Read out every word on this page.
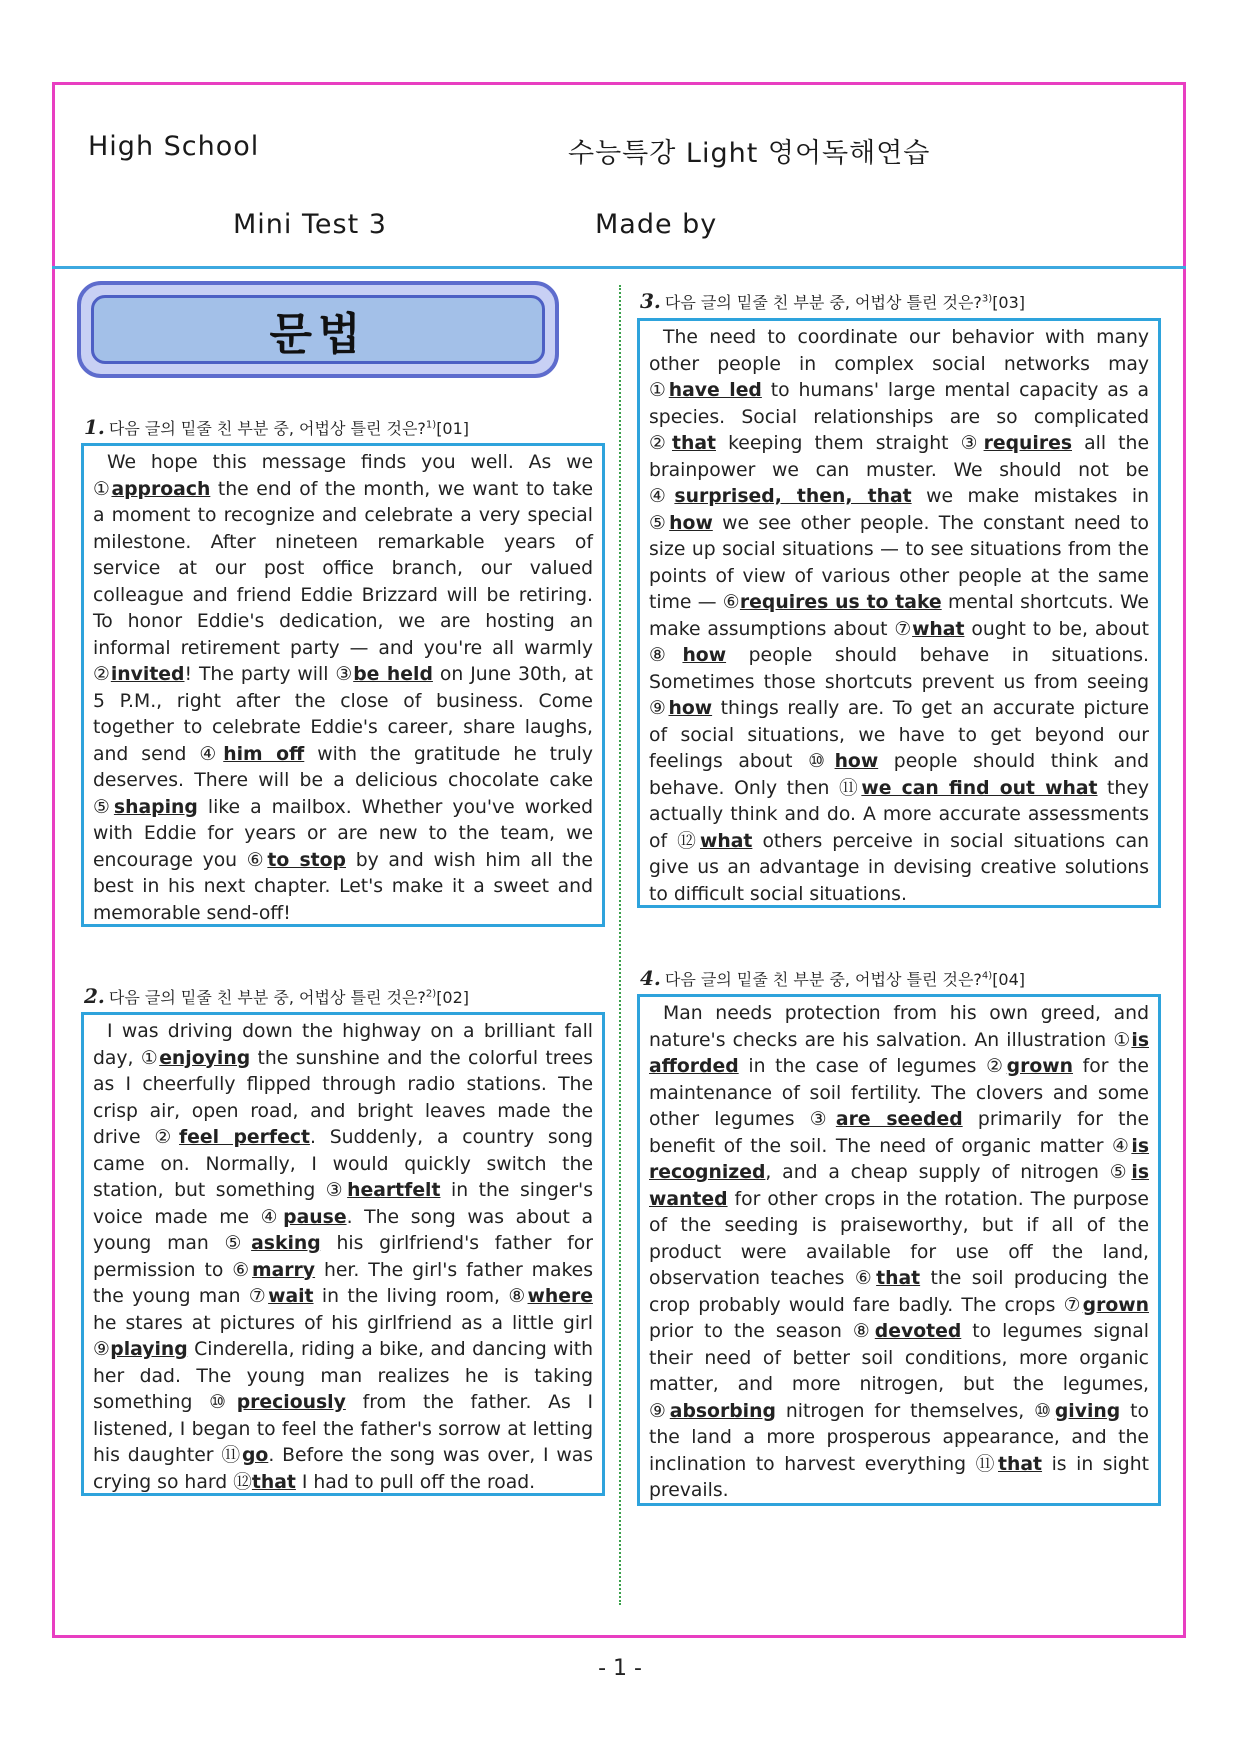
High School	수능특강 Light 영어독해연습
Mini Test 3	Made by
문법
1. 다음 글의 밑줄 친 부분 중, 어법상 틀린 것은?$^{1)}$[01]

We hope this message finds you well. As we ①approach the end of the month, we want to take a moment to recognize and celebrate a very special milestone. After nineteen remarkable years of service at our post office branch, our valued colleague and friend Eddie Brizzard will be retiring. To honor Eddie's dedication, we are hosting an informal retirement party — and you're all warmly ②invited! The party will ③be held on June 30th, at 5 P.M., right after the close of business. Come together to celebrate Eddie's career, share laughs, and send ④him off with the gratitude he truly deserves. There will be a delicious chocolate cake ⑤shaping like a mailbox. Whether you've worked with Eddie for years or are new to the team, we encourage you ⑥to stop by and wish him all the best in his next chapter. Let's make it a sweet and memorable send-off!

2. 다음 글의 밑줄 친 부분 중, 어법상 틀린 것은?$^{2)}$[02]

I was driving down the highway on a brilliant fall day, ①enjoying the sunshine and the colorful trees as I cheerfully flipped through radio stations. The crisp air, open road, and bright leaves made the drive ②feel perfect. Suddenly, a country song came on. Normally, I would quickly switch the station, but something ③heartfelt in the singer's voice made me ④pause. The song was about a young man ⑤asking his girlfriend's father for permission to ⑥marry her. The girl's father makes the young man ⑦wait in the living room, ⑧where he stares at pictures of his girlfriend as a little girl ⑨playing Cinderella, riding a bike, and dancing with her dad. The young man realizes he is taking something ⑩preciously from the father. As I listened, I began to feel the father's sorrow at letting his daughter ⑪go. Before the song was over, I was crying so hard ⑫that I had to pull off the road.

3. 다음 글의 밑줄 친 부분 중, 어법상 틀린 것은?$^{3)}$[03]

The need to coordinate our behavior with many other people in complex social networks may ①have led to humans' large mental capacity as a species. Social relationships are so complicated ②that keeping them straight ③requires all the brainpower we can muster. We should not be ④surprised, then, that we make mistakes in ⑤how we see other people. The constant need to size up social situations — to see situations from the points of view of various other people at the same time — ⑥requires us to take mental shortcuts. We make assumptions about ⑦what ought to be, about ⑧how people should behave in situations. Sometimes those shortcuts prevent us from seeing ⑨how things really are. To get an accurate picture of social situations, we have to get beyond our feelings about ⑩how people should think and behave. Only then ⑪we can find out what they actually think and do. A more accurate assessments of ⑫what others perceive in social situations can give us an advantage in devising creative solutions to difficult social situations.

4. 다음 글의 밑줄 친 부분 중, 어법상 틀린 것은?$^{4)}$[04]

Man needs protection from his own greed, and nature's checks are his salvation. An illustration ①is afforded in the case of legumes ②grown for the maintenance of soil fertility. The clovers and some other legumes ③are seeded primarily for the benefit of the soil. The need of organic matter ④is recognized, and a cheap supply of nitrogen ⑤is wanted for other crops in the rotation. The purpose of the seeding is praiseworthy, but if all of the product were available for use off the land, observation teaches ⑥that the soil producing the crop probably would fare badly. The crops ⑦grown prior to the season ⑧devoted to legumes signal their need of better soil conditions, more organic matter, and more nitrogen, but the legumes, ⑨absorbing nitrogen for themselves, ⑩giving to the land a more prosperous appearance, and the inclination to harvest everything ⑪that is in sight prevails.

- 1 -
